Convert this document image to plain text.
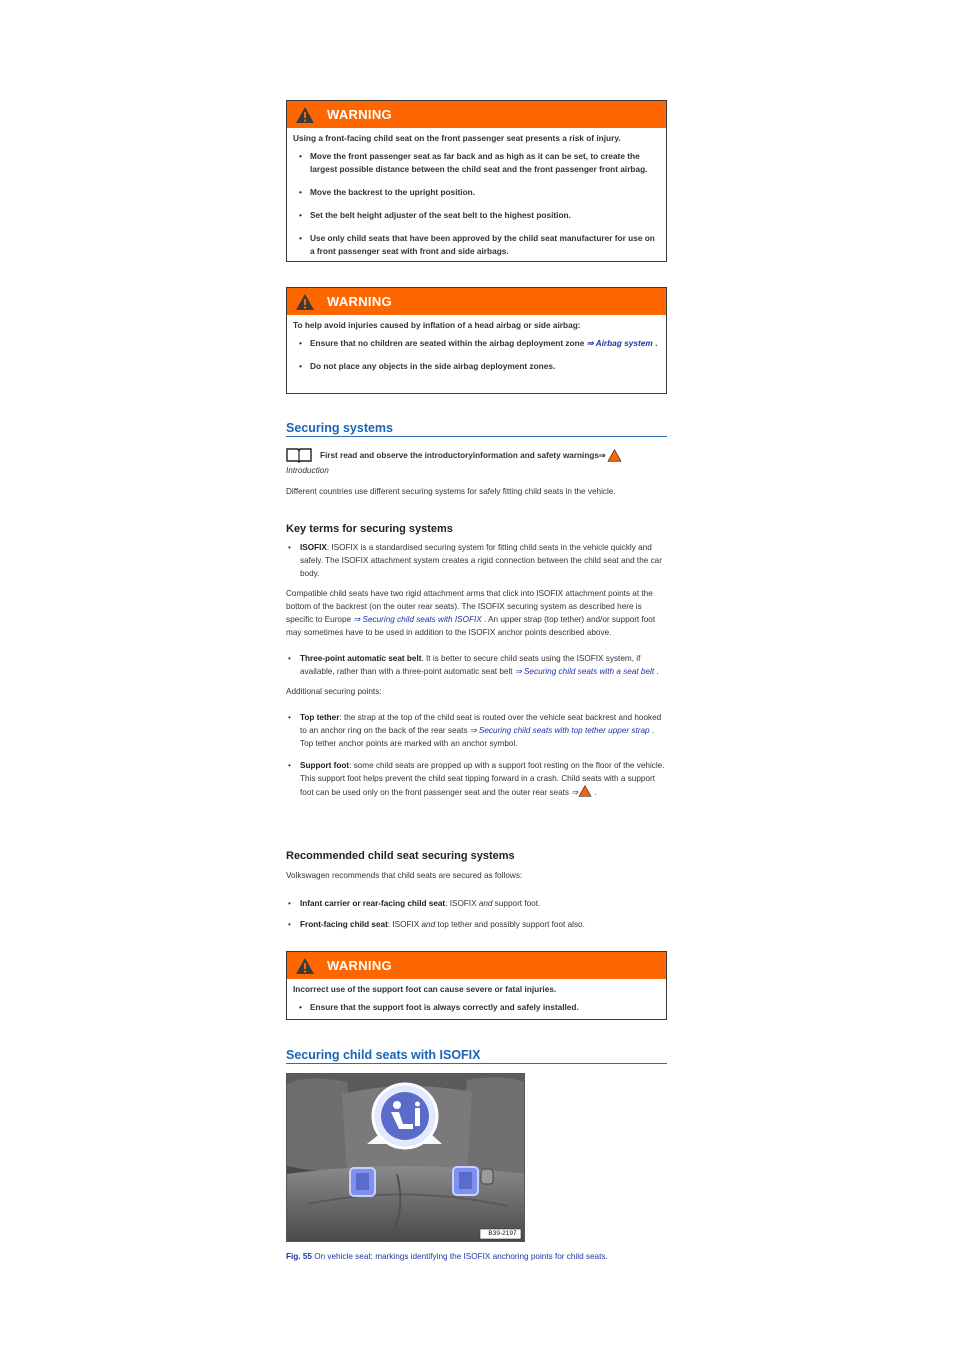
WARNING

Using a front-facing child seat on the front passenger seat presents a risk of injury.

• Move the front passenger seat as far back and as high as it can be set, to create the largest possible distance between the child seat and the front passenger front airbag.
• Move the backrest to the upright position.
• Set the belt height adjuster of the seat belt to the highest position.
• Use only child seats that have been approved by the child seat manufacturer for use on a front passenger seat with front and side airbags.
WARNING

To help avoid injuries caused by inflation of a head airbag or side airbag:

• Ensure that no children are seated within the airbag deployment zone ⇒ Airbag system .
• Do not place any objects in the side airbag deployment zones.
Securing systems
First read and observe the introductoryinformation and safety warnings⇒
Introduction

Different countries use different securing systems for safely fitting child seats in the vehicle.

Key terms for securing systems
• ISOFIX: ISOFIX is a standardised securing system for fitting child seats in the vehicle quickly and safely. The ISOFIX attachment system creates a rigid connection between the child seat and the car body.

Compatible child seats have two rigid attachment arms that click into ISOFIX attachment points at the bottom of the backrest (on the outer rear seats). The ISOFIX securing system as described here is specific to Europe ⇒ Securing child seats with ISOFIX . An upper strap (top tether) and/or support foot may sometimes have to be used in addition to the ISOFIX anchor points described above.

• Three-point automatic seat belt. It is better to secure child seats using the ISOFIX system, if available, rather than with a three-point automatic seat belt ⇒ Securing child seats with a seat belt .

Additional securing points:

• Top tether: the strap at the top of the child seat is routed over the vehicle seat backrest and hooked to an anchor ring on the back of the rear seats ⇒ Securing child seats with top tether upper strap . Top tether anchor points are marked with an anchor symbol.
• Support foot: some child seats are propped up with a support foot resting on the floor of the vehicle. This support foot helps prevent the child seat tipping forward in a crash. Child seats with a support foot can be used only on the front passenger seat and the outer rear seats ⇒ .
Recommended child seat securing systems

Volkswagen recommends that child seats are secured as follows:

• Infant carrier or rear-facing child seat: ISOFIX and support foot.
• Front-facing child seat: ISOFIX and top tether and possibly support foot also.
WARNING

Incorrect use of the support foot can cause severe or fatal injuries.

• Ensure that the support foot is always correctly and safely installed.
Securing child seats with ISOFIX
B39-2197
Fig. 55 On vehicle seat: markings identifying the ISOFIX anchoring points for child seats.
